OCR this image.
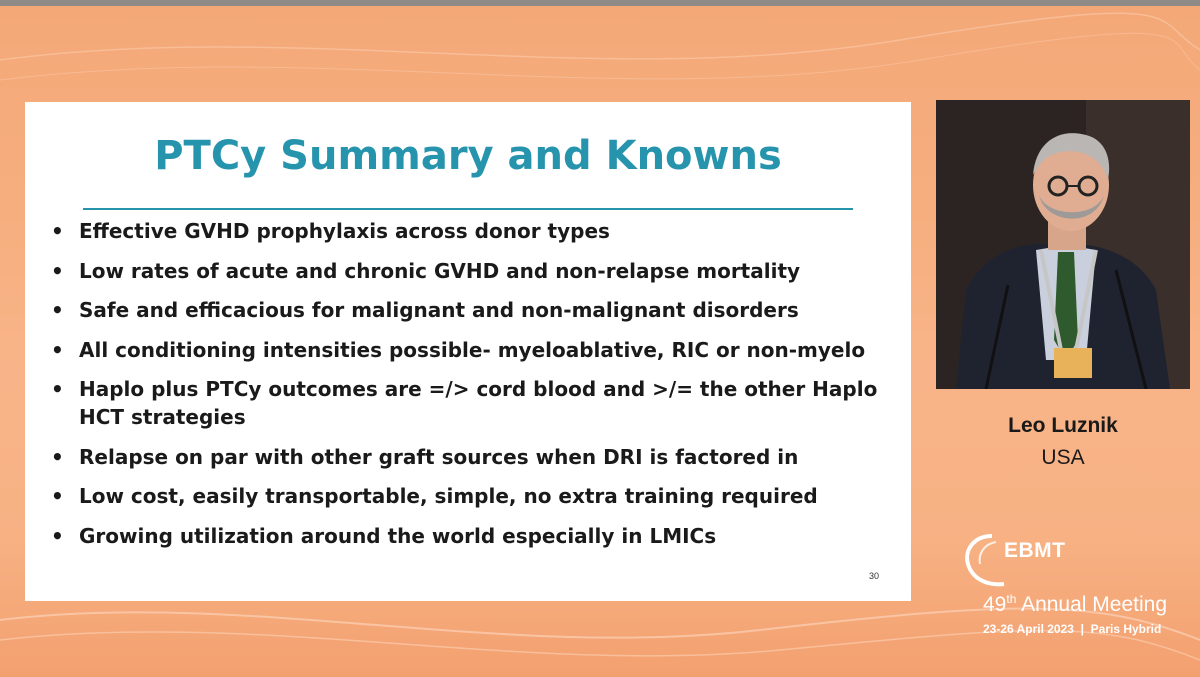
PTCy Summary and Knowns
• Effective GVHD prophylaxis across donor types
• Low rates of acute and chronic GVHD and non-relapse mortality
• Safe and efficacious for malignant and non-malignant disorders
• All conditioning intensities possible- myeloablative, RIC or non-myelo
• Haplo plus PTCy outcomes are =/> cord blood and >/= the other Haplo
HCT strategies
• Relapse on par with other graft sources when DRI is factored in
• Low cost, easily transportable, simple, no extra training required
• Growing utilization around the world especially in LMICs
30
Leo Luznik
USA
EBMT
49th Annual Meeting
23-26 April 2023  |  Paris Hybrid
